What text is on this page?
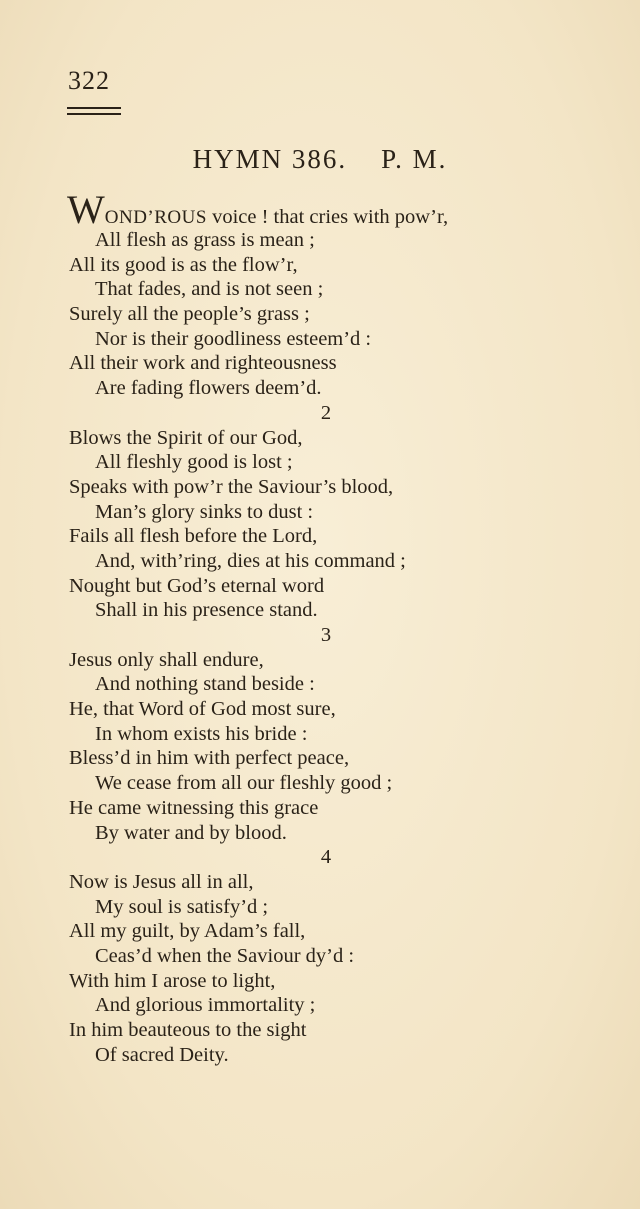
322
HYMN 386. P. M.
WOND’ROUS voice ! that cries with pow’r,
All flesh as grass is mean ;
All its good is as the flow’r,
That fades, and is not seen ;
Surely all the people’s grass ;
Nor is their goodliness esteem’d :
All their work and righteousness
Are fading flowers deem’d.
2
Blows the Spirit of our God,
All fleshly good is lost ;
Speaks with pow’r the Saviour’s blood,
Man’s glory sinks to dust :
Fails all flesh before the Lord,
And, with’ring, dies at his command ;
Nought but God’s eternal word
Shall in his presence stand.
3
Jesus only shall endure,
And nothing stand beside :
He, that Word of God most sure,
In whom exists his bride :
Bless’d in him with perfect peace,
We cease from all our fleshly good ;
He came witnessing this grace
By water and by blood.
4
Now is Jesus all in all,
My soul is satisfy’d ;
All my guilt, by Adam’s fall,
Ceas’d when the Saviour dy’d :
With him I arose to light,
And glorious immortality ;
In him beauteous to the sight
Of sacred Deity.
